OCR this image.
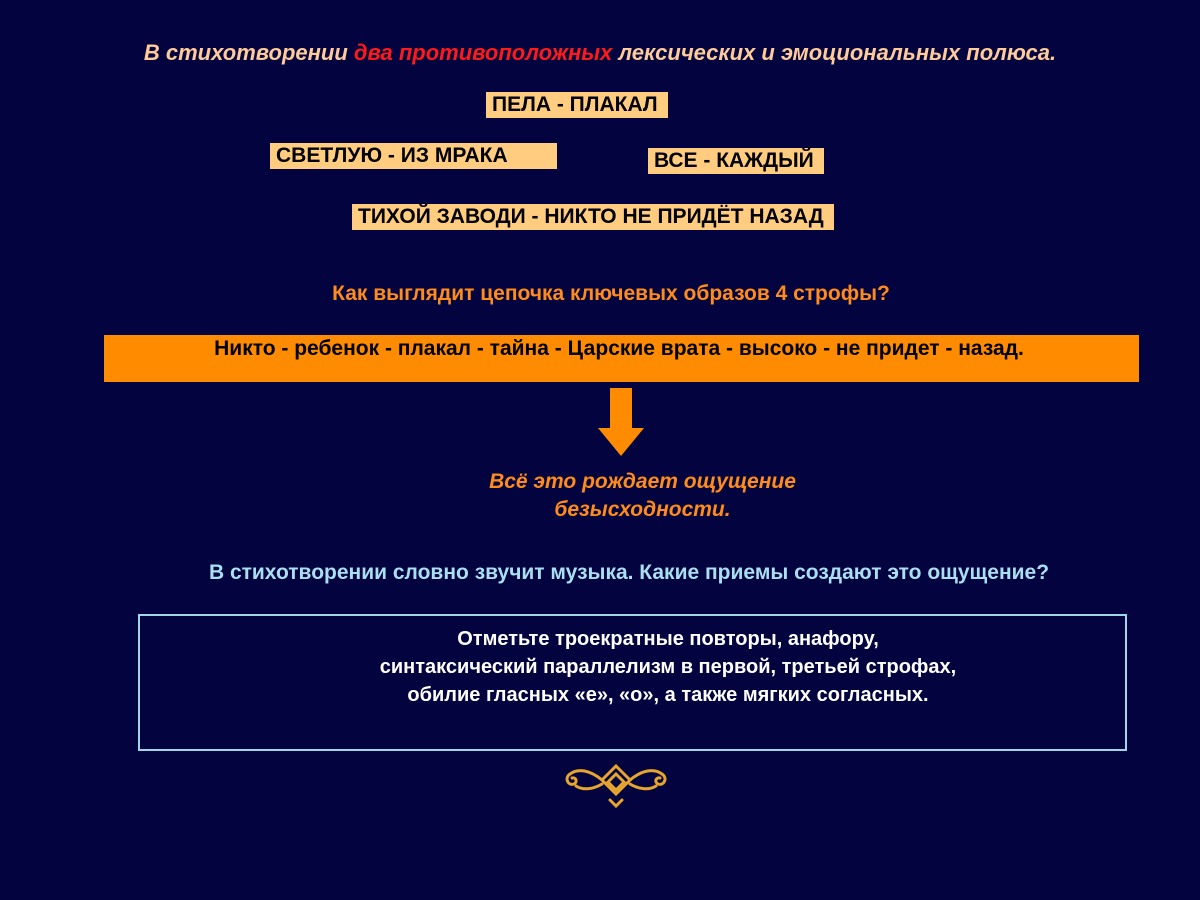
В стихотворении два противоположных лексических и эмоциональных полюса.
ПЕЛА - ПЛАКАЛ
СВЕТЛУЮ - ИЗ МРАКА	ВСЕ - КАЖДЫЙ
ТИХОЙ ЗАВОДИ - НИКТО НЕ ПРИДЁТ НАЗАД
Как выглядит цепочка ключевых образов 4 строфы?
Никто - ребенок - плакал - тайна - Царские врата - высоко - не придет - назад.
Всё это рождает ощущение
безысходности.
В стихотворении словно звучит музыка. Какие приемы создают это ощущение?
Отметьте троекратные повторы, анафору,
синтаксический параллелизм в первой, третьей строфах,
обилие гласных «е», «о», а также мягких согласных.
